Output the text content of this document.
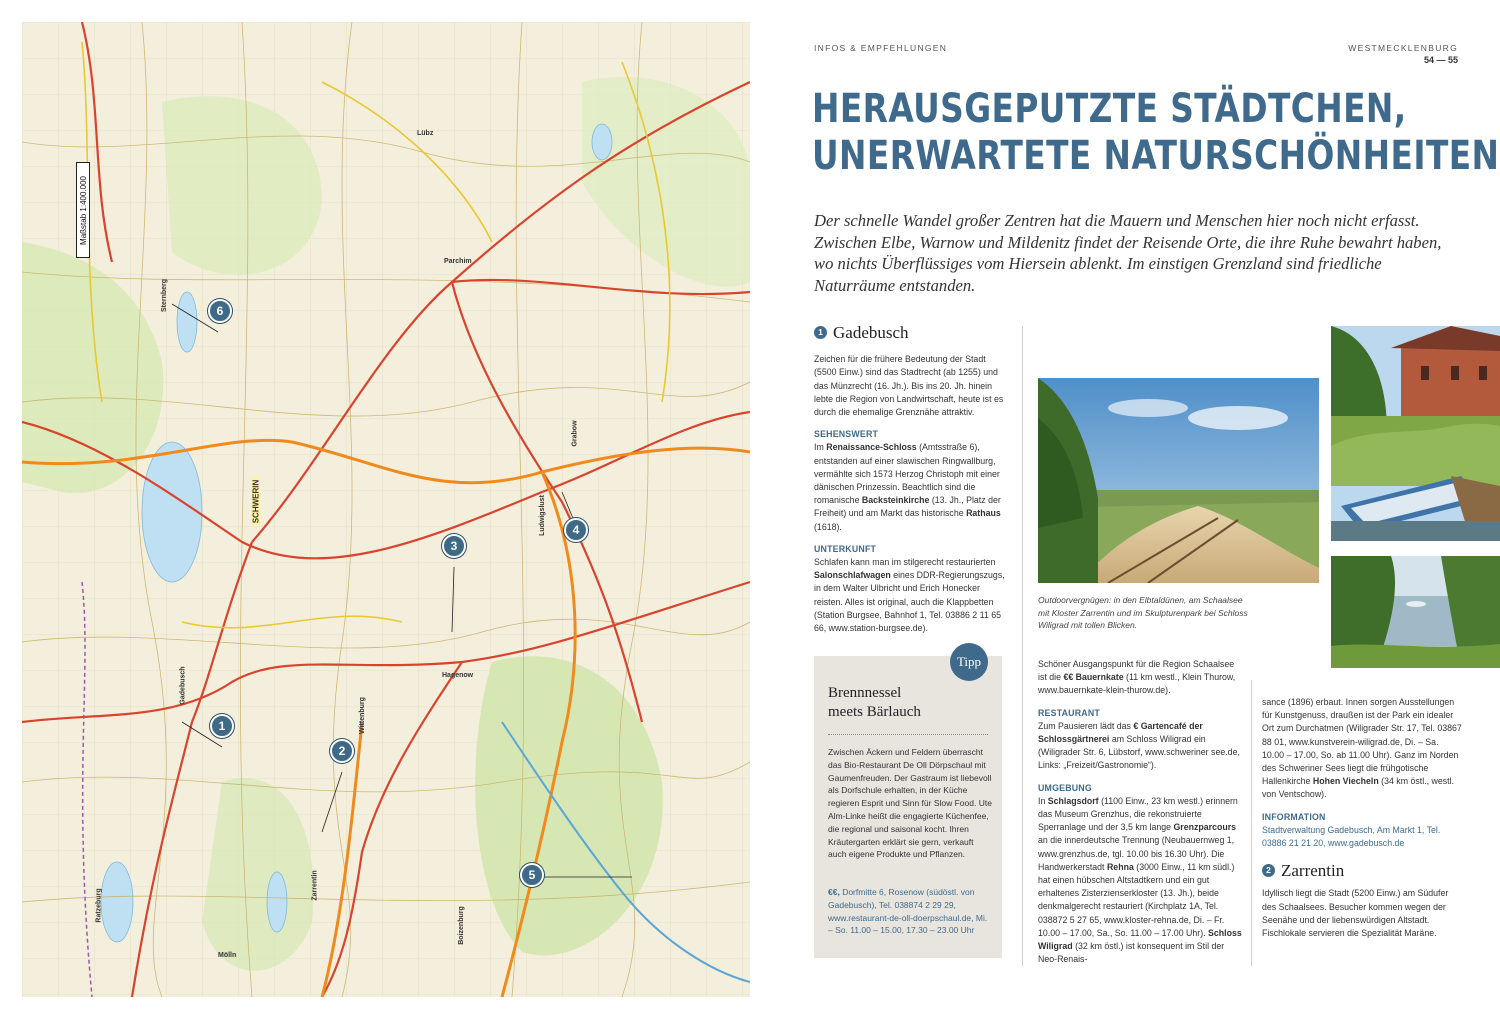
Maßstab 1:400.000
SCHWERIN
Parchim
Gadebusch
Ludwigslust
Hagenow
Wittenburg
Ratzeburg
Lübz
Grabow
Sternberg
Zarrentin
Mölln
Boizenburg
6
1
2
3
4
5
INFOS & EMPFEHLUNGEN	WESTMECKLENBURG
54 — 55
HERAUSGEPUTZTE STÄDTCHEN,
UNERWARTETE NATURSCHÖNHEITEN
Der schnelle Wandel großer Zentren hat die Mauern und Menschen hier noch nicht erfasst. Zwischen Elbe, Warnow und Mildenitz findet der Reisende Orte, die ihre Ruhe bewahrt haben, wo nichts Überflüssiges vom Hiersein ablenkt. Im einstigen Grenzland sind friedliche Naturräume entstanden.
1 Gadebusch

Zeichen für die frühere Bedeutung der Stadt (5500 Einw.) sind das Stadtrecht (ab 1255) und das Münzrecht (16. Jh.). Bis ins 20. Jh. hinein lebte die Region von Landwirtschaft, heute ist es durch die ehemalige Grenznähe attraktiv.

SEHENSWERT

Im Renaissance-Schloss (Amtsstraße 6), entstanden auf einer slawischen Ringwallburg, vermählte sich 1573 Herzog Christoph mit einer dänischen Prinzessin. Beachtlich sind die romanische Backsteinkirche (13. Jh., Platz der Freiheit) und am Markt das historische Rathaus (1618).

UNTERKUNFT

Schlafen kann man im stilgerecht restaurierten Salonschlafwagen eines DDR-Regierungszugs, in dem Walter Ulbricht und Erich Honecker reisten. Alles ist original, auch die Klappbetten (Station Burgsee, Bahnhof 1, Tel. 03886 2 11 65 66, www.station-burgsee.de).

Brennnessel
meets Bärlauch
Zwischen Äckern und Feldern überrascht das Bio-Restaurant De Oll Dörpschaul mit Gaumenfreuden. Der Gastraum ist liebevoll als Dorfschule erhalten, in der Küche regieren Esprit und Sinn für Slow Food. Ute Alm-Linke heißt die engagierte Küchenfee, die regional und saisonal kocht. Ihren Kräutergarten erklärt sie gern, verkauft auch eigene Produkte und Pflanzen.
€€, Dorfmitte 6, Rosenow (südöstl. von Gadebusch), Tel. 038874 2 29 29, www.restaurant-de-oll-doerpschaul.de, Mi. – So. 11.00 – 15.00, 17.30 – 23.00 Uhr
Tipp
Outdoorvergnügen: in den Elbtaldünen, am Schaalsee mit Kloster Zarrentin und im Skulpturenpark bei Schloss Wiligrad mit tollen Blicken.

Schöner Ausgangspunkt für die Region Schaalsee ist die €€ Bauernkate (11 km westl., Klein Thurow, www.bauernkate-klein-thurow.de).

RESTAURANT

Zum Pausieren lädt das € Gartencafé der Schlossgärtnerei am Schloss Wiligrad ein (Wiligrader Str. 6, Lübstorf, www.schweriner see.de, Links: „Freizeit/Gastronomie“).

UMGEBUNG

In Schlagsdorf (1100 Einw., 23 km westl.) erinnern das Museum Grenzhus, die rekonstruierte Sperranlage und der 3,5 km lange Grenzparcours an die innerdeutsche Trennung (Neubauernweg 1, www.grenzhus.de, tgl. 10.00 bis 16.30 Uhr). Die Handwerkerstadt Rehna (3000 Einw., 11 km südl.) hat einen hübschen Altstadtkern und ein gut erhaltenes Zisterzienserkloster (13. Jh.), beide denkmalgerecht restauriert (Kirchplatz 1A, Tel. 038872 5 27 65, www.kloster-rehna.de, Di. – Fr. 10.00 – 17.00, Sa., So. 11.00 – 17.00 Uhr). Schloss Wiligrad (32 km östl.) ist konsequent im Stil der Neo-Renais-

sance (1896) erbaut. Innen sorgen Ausstellungen für Kunstgenuss, draußen ist der Park ein idealer Ort zum Durchatmen (Wiligrader Str. 17, Tel. 03867 88 01, www.kunstverein-wiligrad.de, Di. – Sa. 10.00 – 17.00, So. ab 11.00 Uhr). Ganz im Norden des Schweriner Sees liegt die frühgotische Hallenkirche Hohen Viecheln (34 km östl., westl. von Ventschow).

INFORMATION

Stadtverwaltung Gadebusch, Am Markt 1, Tel. 03886 21 21 20, www.gadebusch.de

2 Zarrentin

Idyllisch liegt die Stadt (5200 Einw.) am Südufer des Schaalsees. Besucher kommen wegen der Seenähe und der liebenswürdigen Altstadt. Fischlokale servieren die Spezialität Maräne.
